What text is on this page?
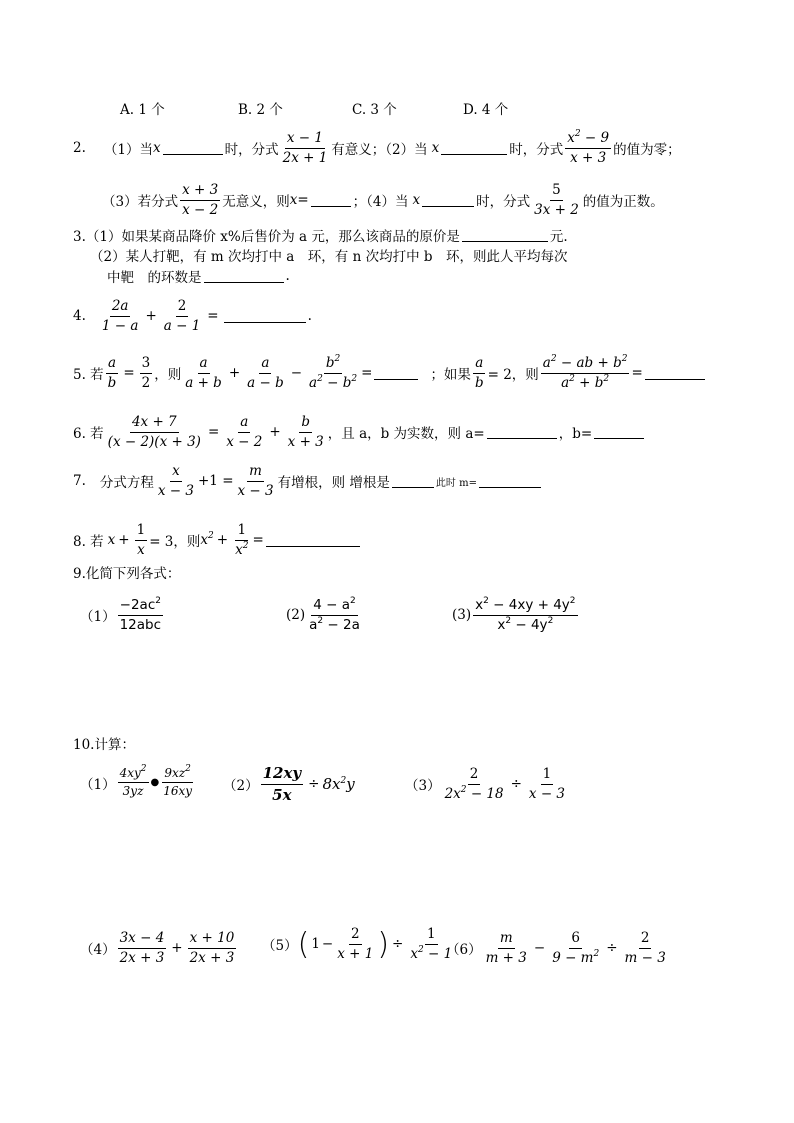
A. 1 个	B. 2 个	C. 3 个	D. 4 个
2. （1）当 x	时，分式 $\frac{x - 1}{2x + 1}$ 有意义；（2）当 x	时，分式 $\frac{x^2 - 9}{x + 3}$ 的值为零；
（3）若分式 $\frac{x + 3}{x - 2}$ 无意义，则 x =	；（4）当 x	时，分式 $\frac{5}{3x + 2}$ 的值为正数。
3.（1）如果某商品降价 x%后售价为 a 元，那么该商品的原价是	元.
（2）某人打靶，有 m 次均打中 a　环，有 n 次均打中 b　环，则此人平均每次
中靶　的环数是	.
4. $\frac{2a}{1 - a} + \frac{2}{a - 1}$ =	.
5. 若 $\frac{a}{b} = \frac{3}{2}$ ，则 $\frac{a}{a + b} + \frac{a}{a - b} - \frac{b^2}{a^2 - b^2}$ =	；如果 $\frac{a}{b} = 2$，则 $\frac{a^2 - ab + b^2}{a^2 + b^2}$ =
6. 若 $\frac{4x + 7}{(x - 2)(x + 3)} = \frac{a}{x - 2} + \frac{b}{x + 3}$ ，且 a，b 为实数，则 a=	，b=
7. 分式方程 $\frac{x}{x - 3} +1 = \frac{m}{x - 3}$ 有增根，则 增根是	此时 m=
8. 若 $x + \frac{1}{x} = 3$，则 $x^2 + \frac{1}{x^2}$ =
9.化简下列各式：
$(1) \frac{-2ac^2}{\text{12abc}}$	$(2) \frac{4 - a^2}{a^2 - 2a}$	$(3) \frac{x^2 - 4xy + 4y^2}{x^2 - 4y^2}$
10.计算：
$(1) \frac{4xy^2}{3yz}$ ● $\frac{9xz^2}{16xy} (2) \frac{12xy}{5x} \div 8x^2y$	$(3) \frac{2}{2x^2 - 18} \div \frac{1}{x - 3}$
$(4) \frac{3x - 4}{2x + 3} + \frac{x + 10}{2x + 3} (5)$ ( $1 - \frac{2}{x + 1}$ ) ÷ $\frac{1}{x^2 - 1}$
$(6) \frac{m}{m + 3} - \frac{6}{9 - m^2} \div \frac{2}{m - 3}$
